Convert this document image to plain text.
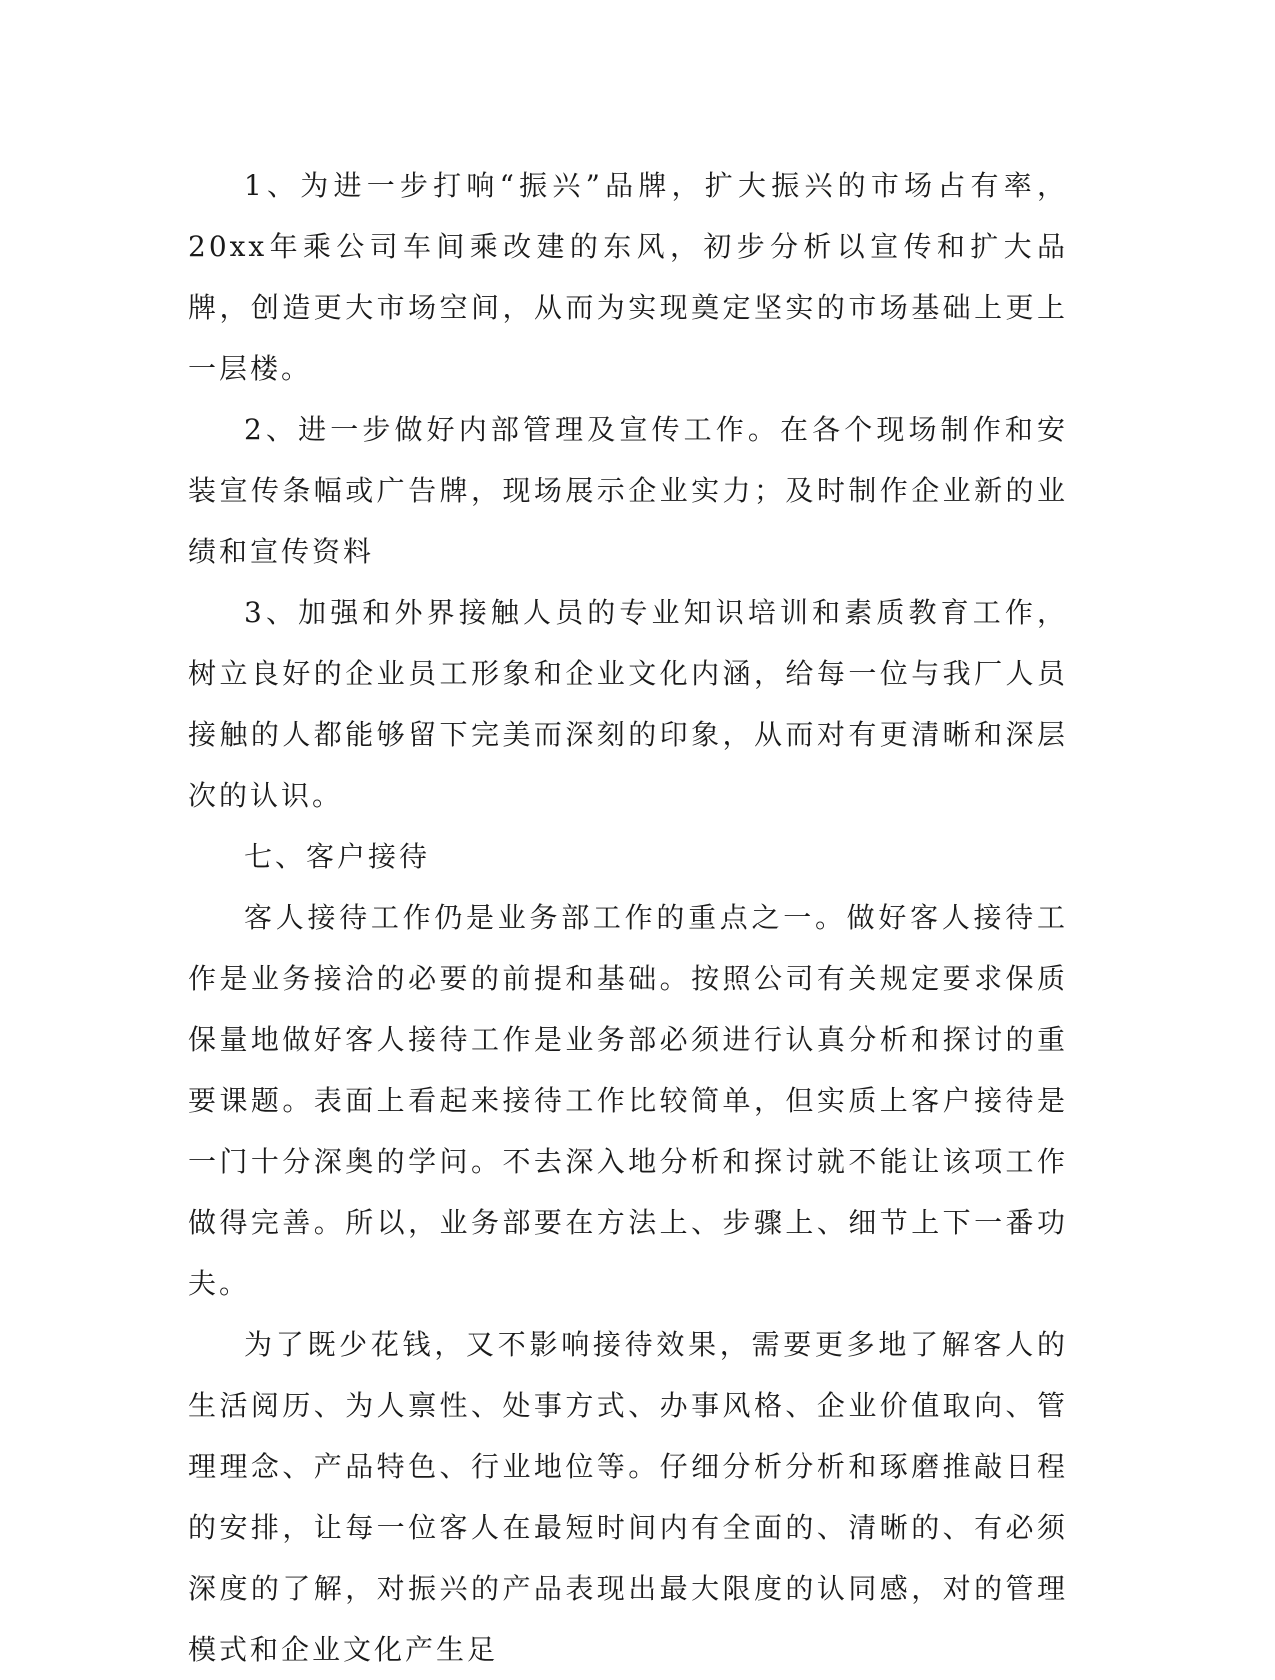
1、为进一步打响“振兴”品牌，扩大振兴的市场占有率，20xx年乘公司车间乘改建的东风，初步分析以宣传和扩大品牌，创造更大市场空间，从而为实现奠定坚实的市场基础上更上一层楼。

2、进一步做好内部管理及宣传工作。在各个现场制作和安装宣传条幅或广告牌，现场展示企业实力；及时制作企业新的业绩和宣传资料

3、加强和外界接触人员的专业知识培训和素质教育工作，树立良好的企业员工形象和企业文化内涵，给每一位与我厂人员接触的人都能够留下完美而深刻的印象，从而对有更清晰和深层次的认识。

七、客户接待

客人接待工作仍是业务部工作的重点之一。做好客人接待工作是业务接洽的必要的前提和基础。按照公司有关规定要求保质保量地做好客人接待工作是业务部必须进行认真分析和探讨的重要课题。表面上看起来接待工作比较简单，但实质上客户接待是一门十分深奥的学问。不去深入地分析和探讨就不能让该项工作做得完善。所以，业务部要在方法上、步骤上、细节上下一番功夫。

为了既少花钱，又不影响接待效果，需要更多地了解客人的生活阅历、为人禀性、处事方式、办事风格、企业价值取向、管理理念、产品特色、行业地位等。仔细分析分析和琢磨推敲日程的安排，让每一位客人在最短时间内有全面的、清晰的、有必须深度的了解，对振兴的产品表现出最大限度的认同感，对的管理模式和企业文化产生足
